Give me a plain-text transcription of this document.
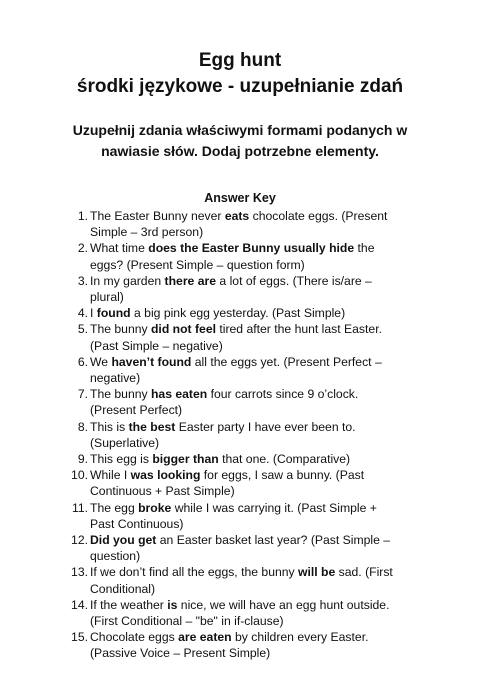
Egg hunt
środki językowe - uzupełnianie zdań

Uzupełnij zdania właściwymi formami podanych w nawiasie słów. Dodaj potrzebne elementy.

Answer Key
1. The Easter Bunny never eats chocolate eggs. (Present Simple – 3rd person)
2. What time does the Easter Bunny usually hide the eggs? (Present Simple – question form)
3. In my garden there are a lot of eggs. (There is/are – plural)
4. I found a big pink egg yesterday. (Past Simple)
5. The bunny did not feel tired after the hunt last Easter. (Past Simple – negative)
6. We haven’t found all the eggs yet. (Present Perfect – negative)
7. The bunny has eaten four carrots since 9 o’clock. (Present Perfect)
8. This is the best Easter party I have ever been to. (Superlative)
9. This egg is bigger than that one. (Comparative)
10. While I was looking for eggs, I saw a bunny. (Past Continuous + Past Simple)
11. The egg broke while I was carrying it. (Past Simple + Past Continuous)
12. Did you get an Easter basket last year? (Past Simple – question)
13. If we don’t find all the eggs, the bunny will be sad. (First Conditional)
14. If the weather is nice, we will have an egg hunt outside. (First Conditional – "be" in if-clause)
15. Chocolate eggs are eaten by children every Easter. (Passive Voice – Present Simple)
